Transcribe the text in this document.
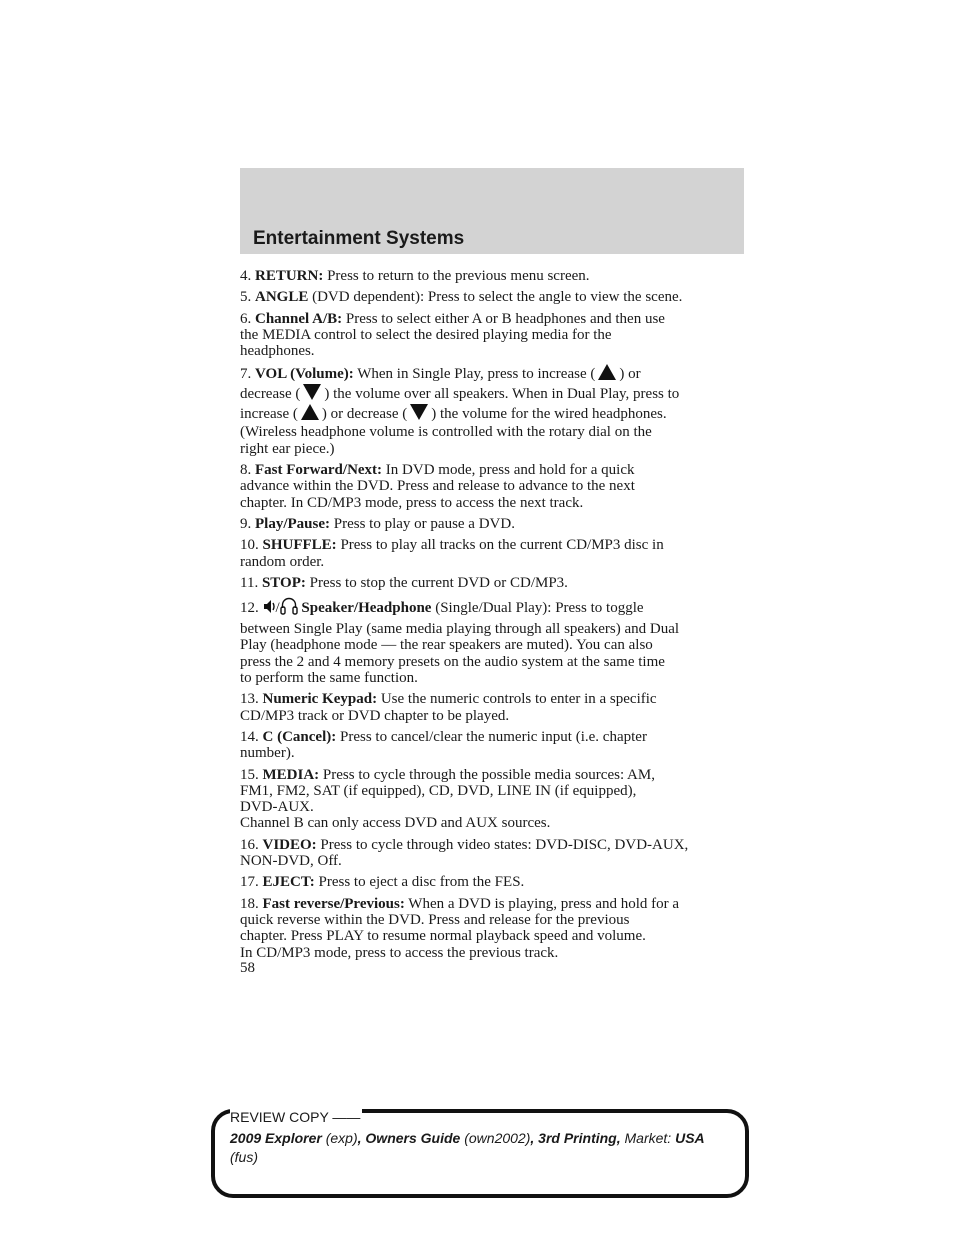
Entertainment Systems

4. RETURN: Press to return to the previous menu screen.

5. ANGLE (DVD dependent): Press to select the angle to view the scene.

6. Channel A/B: Press to select either A or B headphones and then use

the MEDIA control to select the desired playing media for the

headphones.

7. VOL (Volume): When in Single Play, press to increase ( ) or

decrease ( ) the volume over all speakers. When in Dual Play, press to

increase ( ) or decrease ( ) the volume for the wired headphones.

(Wireless headphone volume is controlled with the rotary dial on the

right ear piece.)

8. Fast Forward/Next: In DVD mode, press and hold for a quick

advance within the DVD. Press and release to advance to the next

chapter. In CD/MP3 mode, press to access the next track.

9. Play/Pause: Press to play or pause a DVD.

10. SHUFFLE: Press to play all tracks on the current CD/MP3 disc in

random order.

11. STOP: Press to stop the current DVD or CD/MP3.

12. / Speaker/Headphone (Single/Dual Play): Press to toggle

between Single Play (same media playing through all speakers) and Dual

Play (headphone mode — the rear speakers are muted). You can also

press the 2 and 4 memory presets on the audio system at the same time

to perform the same function.

13. Numeric Keypad: Use the numeric controls to enter in a specific

CD/MP3 track or DVD chapter to be played.

14. C (Cancel): Press to cancel/clear the numeric input (i.e. chapter

number).

15. MEDIA: Press to cycle through the possible media sources: AM,

FM1, FM2, SAT (if equipped), CD, DVD, LINE IN (if equipped),

DVD-AUX.

Channel B can only access DVD and AUX sources.

16. VIDEO: Press to cycle through video states: DVD-DISC, DVD-AUX,

NON-DVD, Off.

17. EJECT: Press to eject a disc from the FES.

18. Fast reverse/Previous: When a DVD is playing, press and hold for a

quick reverse within the DVD. Press and release for the previous

chapter. Press PLAY to resume normal playback speed and volume.

In CD/MP3 mode, press to access the previous track.

58
REVIEW COPY ——
2009 Explorer (exp), Owners Guide (own2002), 3rd Printing, Market: USA
(fus)
